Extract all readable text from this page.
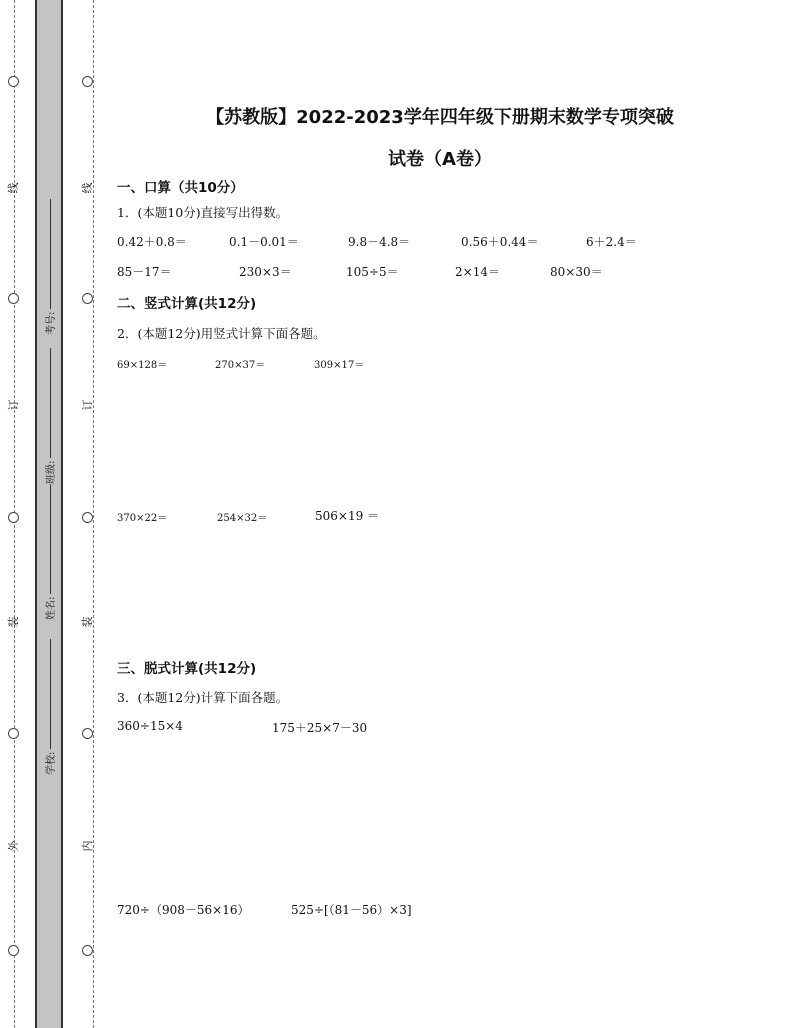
线
订
装
外
线
订
装
内
考号:
班级:
姓名:
学校:
【苏教版】2022-2023学年四年级下册期末数学专项突破
试卷（A卷）
一、口算（共10分）
1．(本题10分)直接写出得数。
0.42＋0.8＝	0.1－0.01＝	9.8－4.8＝	0.56＋0.44＝	6＋2.4＝
85－17＝	230×3＝	105÷5＝	2×14＝	80×30＝
二、竖式计算(共12分)
2．(本题12分)用竖式计算下面各题。
69×128＝	270×37＝	309×17＝
370×22＝	254×32＝	506×19 ＝
三、脱式计算(共12分)
3．(本题12分)计算下面各题。
360÷15×4	175＋25×7－30
720÷（908－56×16）	525÷[（81－56）×3]
